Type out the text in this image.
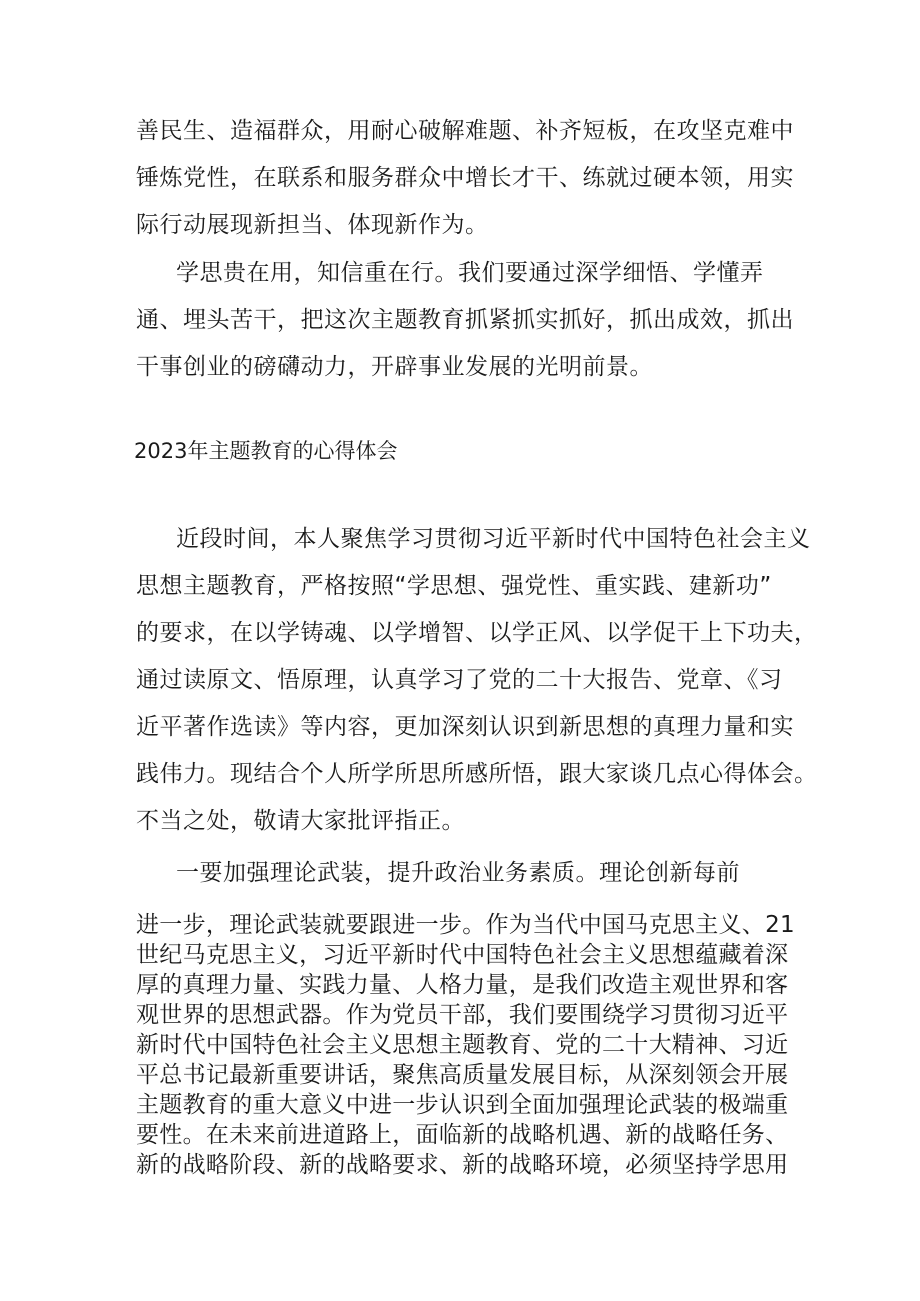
善民生、造福群众，用耐心破解难题、补齐短板，在攻坚克难中
锤炼党性，在联系和服务群众中增长才干、练就过硬本领，用实
际行动展现新担当、体现新作为。
学思贵在用，知信重在行。我们要通过深学细悟、学懂弄
通、埋头苦干，把这次主题教育抓紧抓实抓好，抓出成效，抓出
干事创业的磅礴动力，开辟事业发展的光明前景。
2023年主题教育的心得体会
近段时间，本人聚焦学习贯彻习近平新时代中国特色社会主义
思想主题教育，严格按照“学思想、强党性、重实践、建新功”
的要求，在以学铸魂、以学增智、以学正风、以学促干上下功夫，
通过读原文、悟原理，认真学习了党的二十大报告、党章、《习
近平著作选读》等内容，更加深刻认识到新思想的真理力量和实
践伟力。现结合个人所学所思所感所悟，跟大家谈几点心得体会。
不当之处，敬请大家批评指正。
一要加强理论武装，提升政治业务素质。理论创新每前
进一步，理论武装就要跟进一步。作为当代中国马克思主义、21
世纪马克思主义，习近平新时代中国特色社会主义思想蕴藏着深
厚的真理力量、实践力量、人格力量，是我们改造主观世界和客
观世界的思想武器。作为党员干部，我们要围绕学习贯彻习近平
新时代中国特色社会主义思想主题教育、党的二十大精神、习近
平总书记最新重要讲话，聚焦高质量发展目标，从深刻领会开展
主题教育的重大意义中进一步认识到全面加强理论武装的极端重
要性。在未来前进道路上，面临新的战略机遇、新的战略任务、
新的战略阶段、新的战略要求、新的战略环境，必须坚持学思用
